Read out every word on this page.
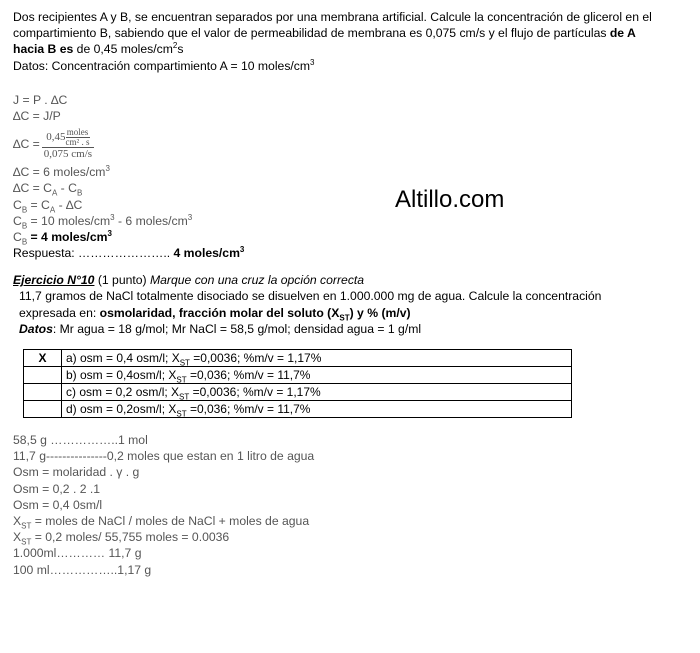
Dos recipientes A y B, se encuentran separados por una membrana artificial. Calcule la concentración de glicerol en el
compartimiento B, sabiendo que el valor de permeabilidad de membrana es 0,075 cm/s y el flujo de partículas de A
hacia B es de 0,45 moles/$cm^2s$
Datos: Concentración compartimiento A = 10 moles/$cm^3$
J = P . ∆C
∆C = J/P
∆C = 0,45 moles
cm² . s
0,075 cm/s
∆C = 6 moles/$cm^3$
$\Delta C = C_A - C_B$
$C_B = C_A - \Delta C$
$C_B = 10$ moles/$cm^3 - 6$ moles/$cm^3$
$C_B = 4$ moles/$cm^3$
Respuesta: ………………….. 4 moles/$cm^3$
Ejercicio N°10 (1 punto) Marque con una cruz la opción correcta
11,7 gramos de NaCl totalmente disociado se disuelven en 1.000.000 mg de agua. Calcule la concentración
expresada en: osmolaridad, fracción molar del soluto $(X_{ST})$ y % (m/v)
Datos: Mr agua = 18 g/mol; Mr NaCl = 58,5 g/mol; densidad agua = 1 g/ml
X	a) osm = 0,4 osm/l; $X_{ST} =0,0036$; %m/v = 1,17%
	b) osm = 0,4osm/l; $X_{ST} =0,036$; %m/v = 11,7%
	c) osm = 0,2 osm/l; $X_{ST} =0,0036$; %m/v = 1,17%
	d) osm = 0,2osm/l; $X_{ST} =0,036$; %m/v = 11,7%
58,5 g ……………..1 mol
11,7 g---------------0,2 moles que estan en 1 litro de agua
Osm = molaridad . γ . g
Osm = 0,2 . 2 .1
Osm = 0,4 0sm/l
$X_{ST}$ = moles de NaCl / moles de NaCl + moles de agua
$X_{ST} = 0,2$ moles/ 55,755 moles = 0.0036
1.000ml………… 11,7 g
100 ml……………..1,17 g
Altillo.com
